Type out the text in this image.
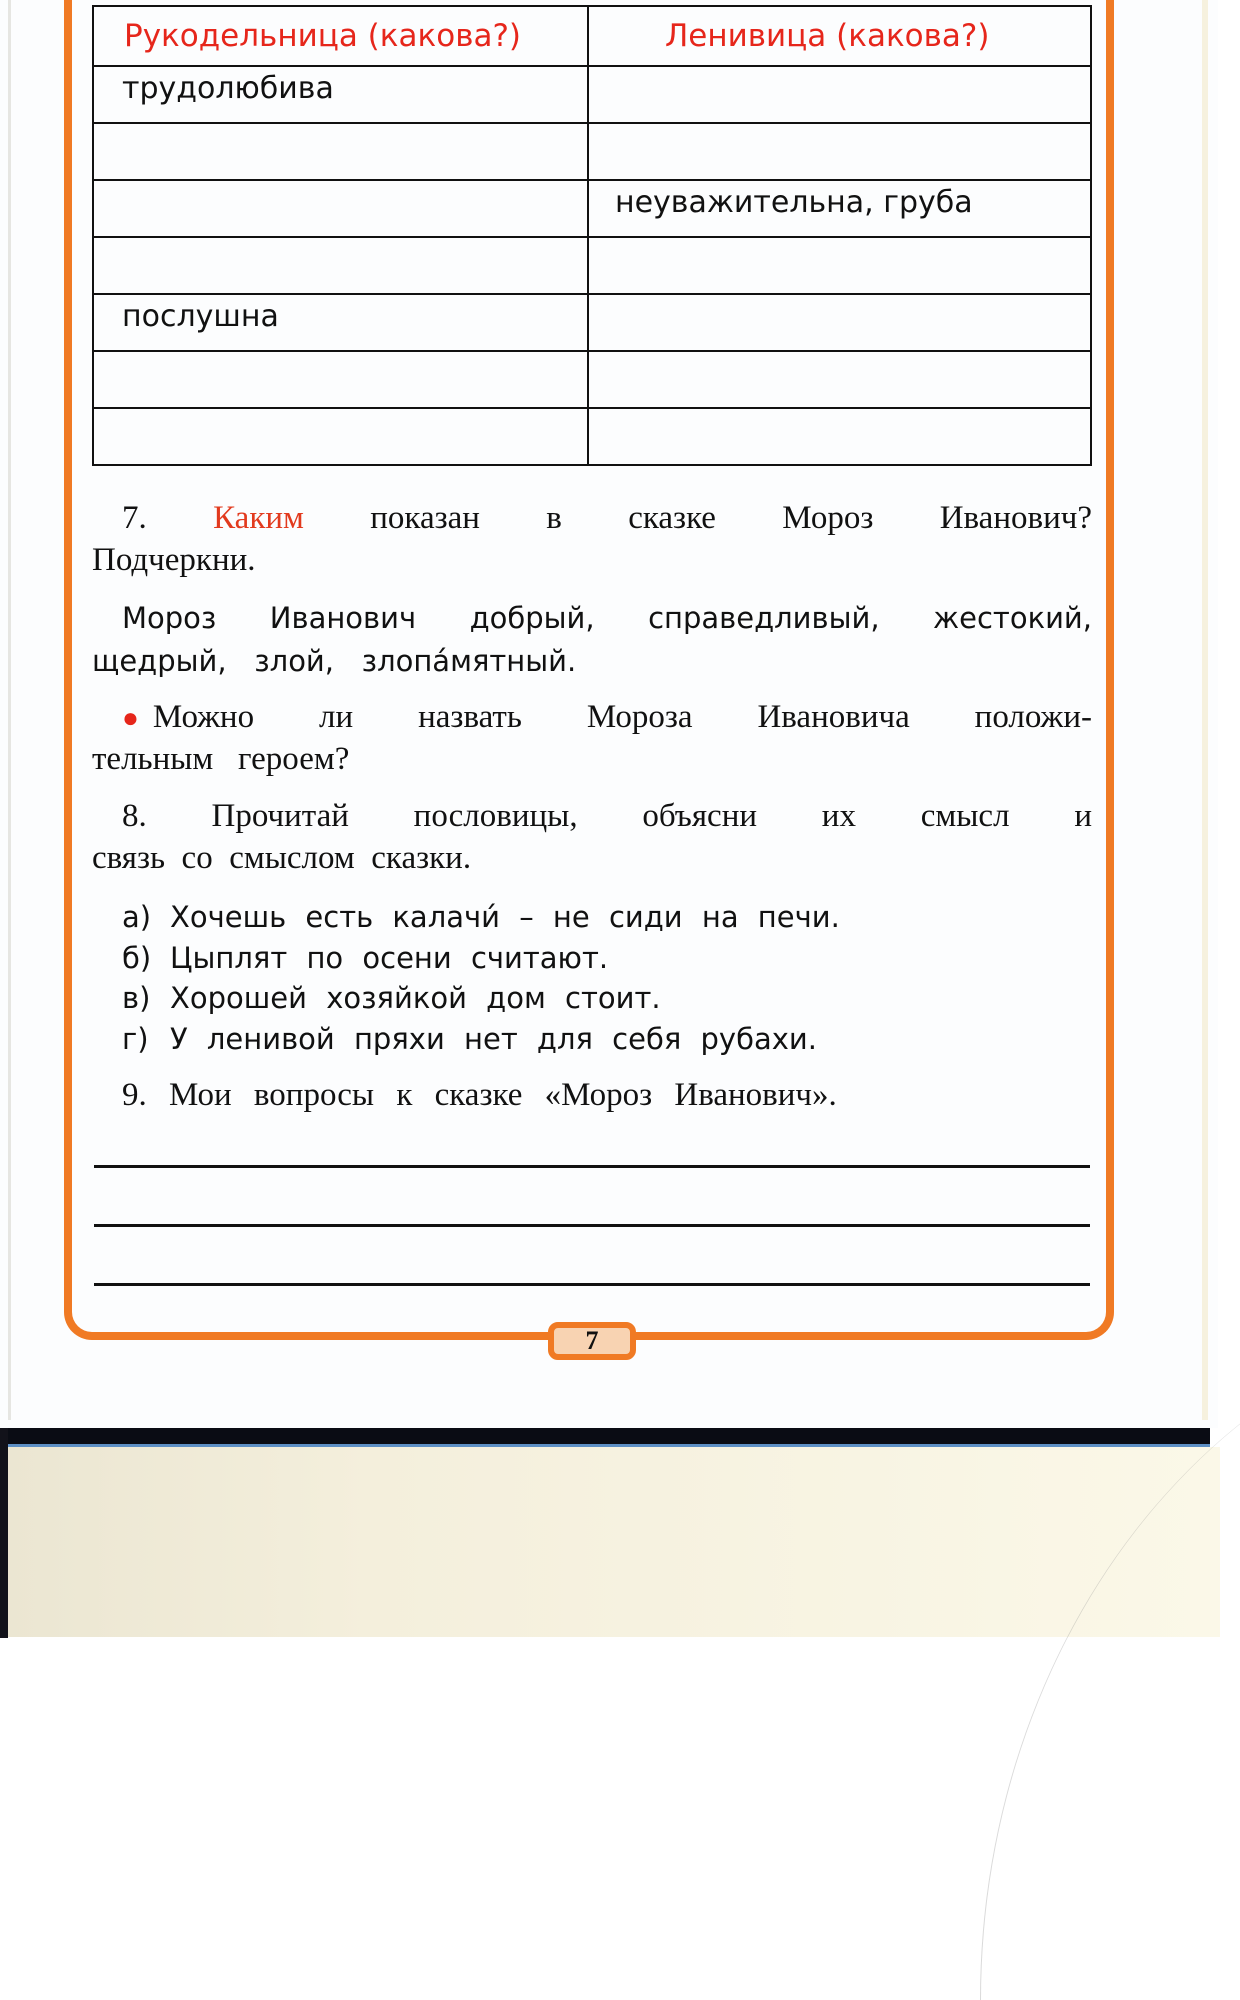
Рукодельница (какова?)	Ленивица (какова?)
трудолюбива	

	неуважительна, груба

послушна	

7. Каким показан в сказке Мороз Иванович?
Подчеркни.
Мороз Иванович добрый, справедливый, жестокий,
щедрый,   злой,   злопа́мятный.
● Можно ли назвать Мороза Ивановича положи-
тельным   героем?
8. Прочитай пословицы, объясни их смысл и
связь  со  смыслом  сказки.
а) Хочешь есть калачи́ – не сиди на печи.
б) Цыплят по осени считают.
в) Хорошей хозяйкой дом стоит.
г) У ленивой пряхи нет для себя рубахи.
9. Мои вопросы к сказке «Мороз Иванович».
7
